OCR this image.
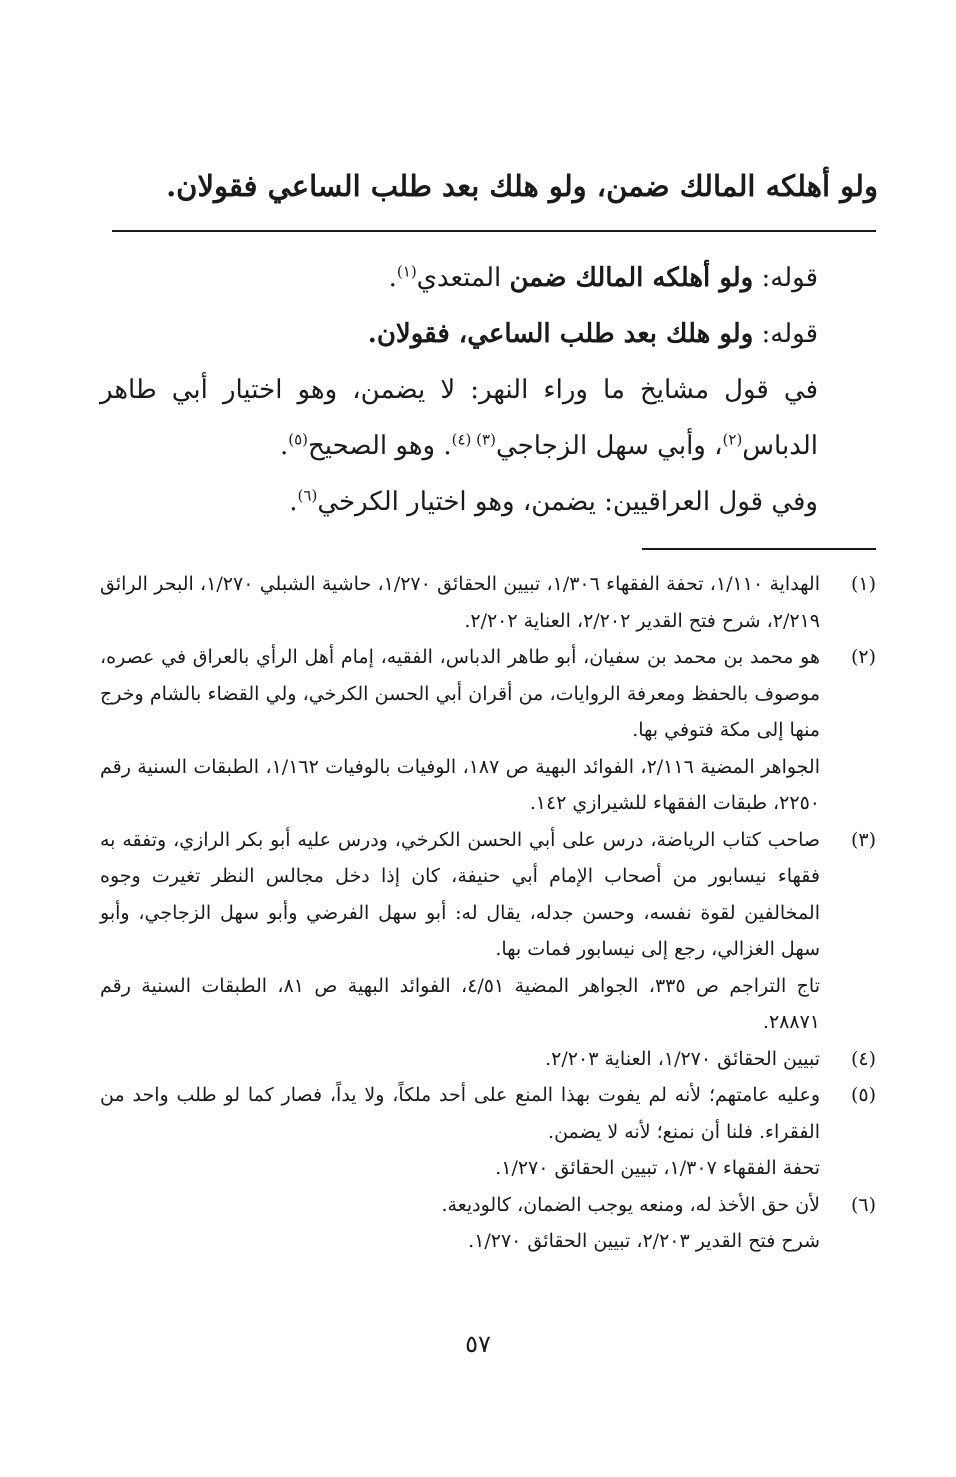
ولو أهلكه المالك ضمن، ولو هلك بعد طلب الساعي فقولان.

قوله: ولو أهلكه المالك ضمن المتعدي$^{(١)}$.

قوله: ولو هلك بعد طلب الساعي، فقولان.

في قول مشايخ ما وراء النهر: لا يضمن، وهو اختيار أبي طاهر الدباس$^{(٢)}$، وأبي سهل الزجاجي$^{(٣) (٤)}$. وهو الصحيح$^{(٥)}$.

وفي قول العراقيين: يضمن، وهو اختيار الكرخي$^{(٦)}$.

(١)
الهداية ١/١١٠، تحفة الفقهاء ١/٣٠٦، تبيين الحقائق ١/٢٧٠، حاشية الشبلي ١/٢٧٠، البحر الرائق ٢/٢١٩، شرح فتح القدير ٢/٢٠٢، العناية ٢/٢٠٢.
(٢)
هو محمد بن محمد بن سفيان، أبو طاهر الدباس، الفقيه، إمام أهل الرأي بالعراق في عصره، موصوف بالحفظ ومعرفة الروايات، من أقران أبي الحسن الكرخي، ولي القضاء بالشام وخرج منها إلى مكة فتوفي بها.
الجواهر المضية ٢/١١٦، الفوائد البهية ص ١٨٧، الوفيات بالوفيات ١/١٦٢، الطبقات السنية رقم ٢٢٥٠، طبقات الفقهاء للشيرازي ١٤٢.
(٣)
صاحب كتاب الرياضة، درس على أبي الحسن الكرخي، ودرس عليه أبو بكر الرازي، وتفقه به فقهاء نيسابور من أصحاب الإمام أبي حنيفة، كان إذا دخل مجالس النظر تغيرت وجوه المخالفين لقوة نفسه، وحسن جدله، يقال له: أبو سهل الفرضي وأبو سهل الزجاجي، وأبو سهل الغزالي، رجع إلى نيسابور فمات بها.
تاج التراجم ص ٣٣٥، الجواهر المضية ٤/٥١، الفوائد البهية ص ٨١، الطبقات السنية رقم ٢٨٨٧١.
(٤)
تبيين الحقائق ١/٢٧٠، العناية ٢/٢٠٣.
(٥)
وعليه عامتهم؛ لأنه لم يفوت بهذا المنع على أحد ملكاً، ولا يداً، فصار كما لو طلب واحد من الفقراء. فلنا أن نمنع؛ لأنه لا يضمن.
تحفة الفقهاء ١/٣٠٧، تبيين الحقائق ١/٢٧٠.
(٦)
لأن حق الأخذ له، ومنعه يوجب الضمان، كالوديعة.
شرح فتح القدير ٢/٢٠٣، تبيين الحقائق ١/٢٧٠.
٥٧
